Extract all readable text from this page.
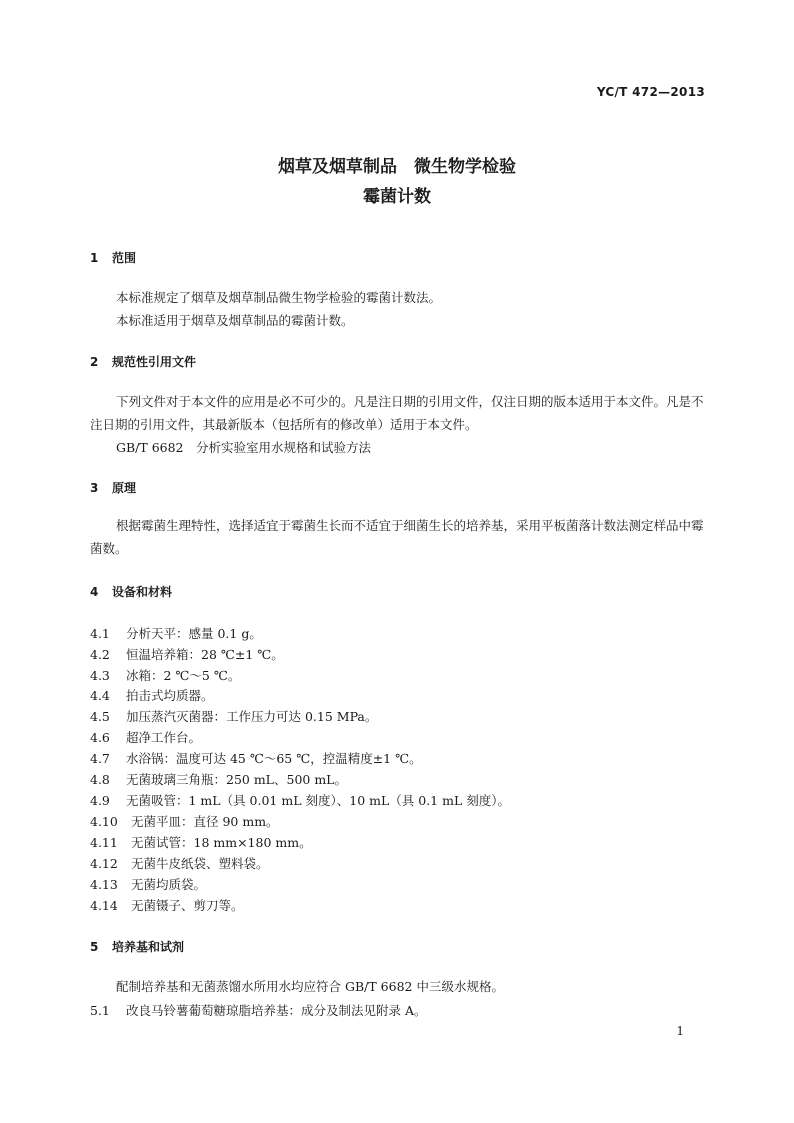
YC/T 472—2013
烟草及烟草制品　微生物学检验
霉菌计数
1 范围

本标准规定了烟草及烟草制品微生物学检验的霉菌计数法。

本标准适用于烟草及烟草制品的霉菌计数。

2 规范性引用文件

下列文件对于本文件的应用是必不可少的。凡是注日期的引用文件，仅注日期的版本适用于本文件。凡是不注日期的引用文件，其最新版本（包括所有的修改单）适用于本文件。

GB/T 6682　分析实验室用水规格和试验方法

3 原理

根据霉菌生理特性，选择适宜于霉菌生长而不适宜于细菌生长的培养基，采用平板菌落计数法测定样品中霉菌数。

4 设备和材料
4.1 分析天平：感量 0.1 g。
4.2 恒温培养箱：28 ℃±1 ℃。
4.3 冰箱：2 ℃～5 ℃。
4.4 拍击式均质器。
4.5 加压蒸汽灭菌器：工作压力可达 0.15 MPa。
4.6 超净工作台。
4.7 水浴锅：温度可达 45 ℃～65 ℃，控温精度±1 ℃。
4.8 无菌玻璃三角瓶：250 mL、500 mL。
4.9 无菌吸管：1 mL（具 0.01 mL 刻度）、10 mL（具 0.1 mL 刻度）。
4.10 无菌平皿：直径 90 mm。
4.11 无菌试管：18 mm×180 mm。
4.12 无菌牛皮纸袋、塑料袋。
4.13 无菌均质袋。
4.14 无菌镊子、剪刀等。
5 培养基和试剂

配制培养基和无菌蒸馏水所用水均应符合 GB/T 6682 中三级水规格。

5.1 改良马铃薯葡萄糖琼脂培养基：成分及制法见附录 A。
1
